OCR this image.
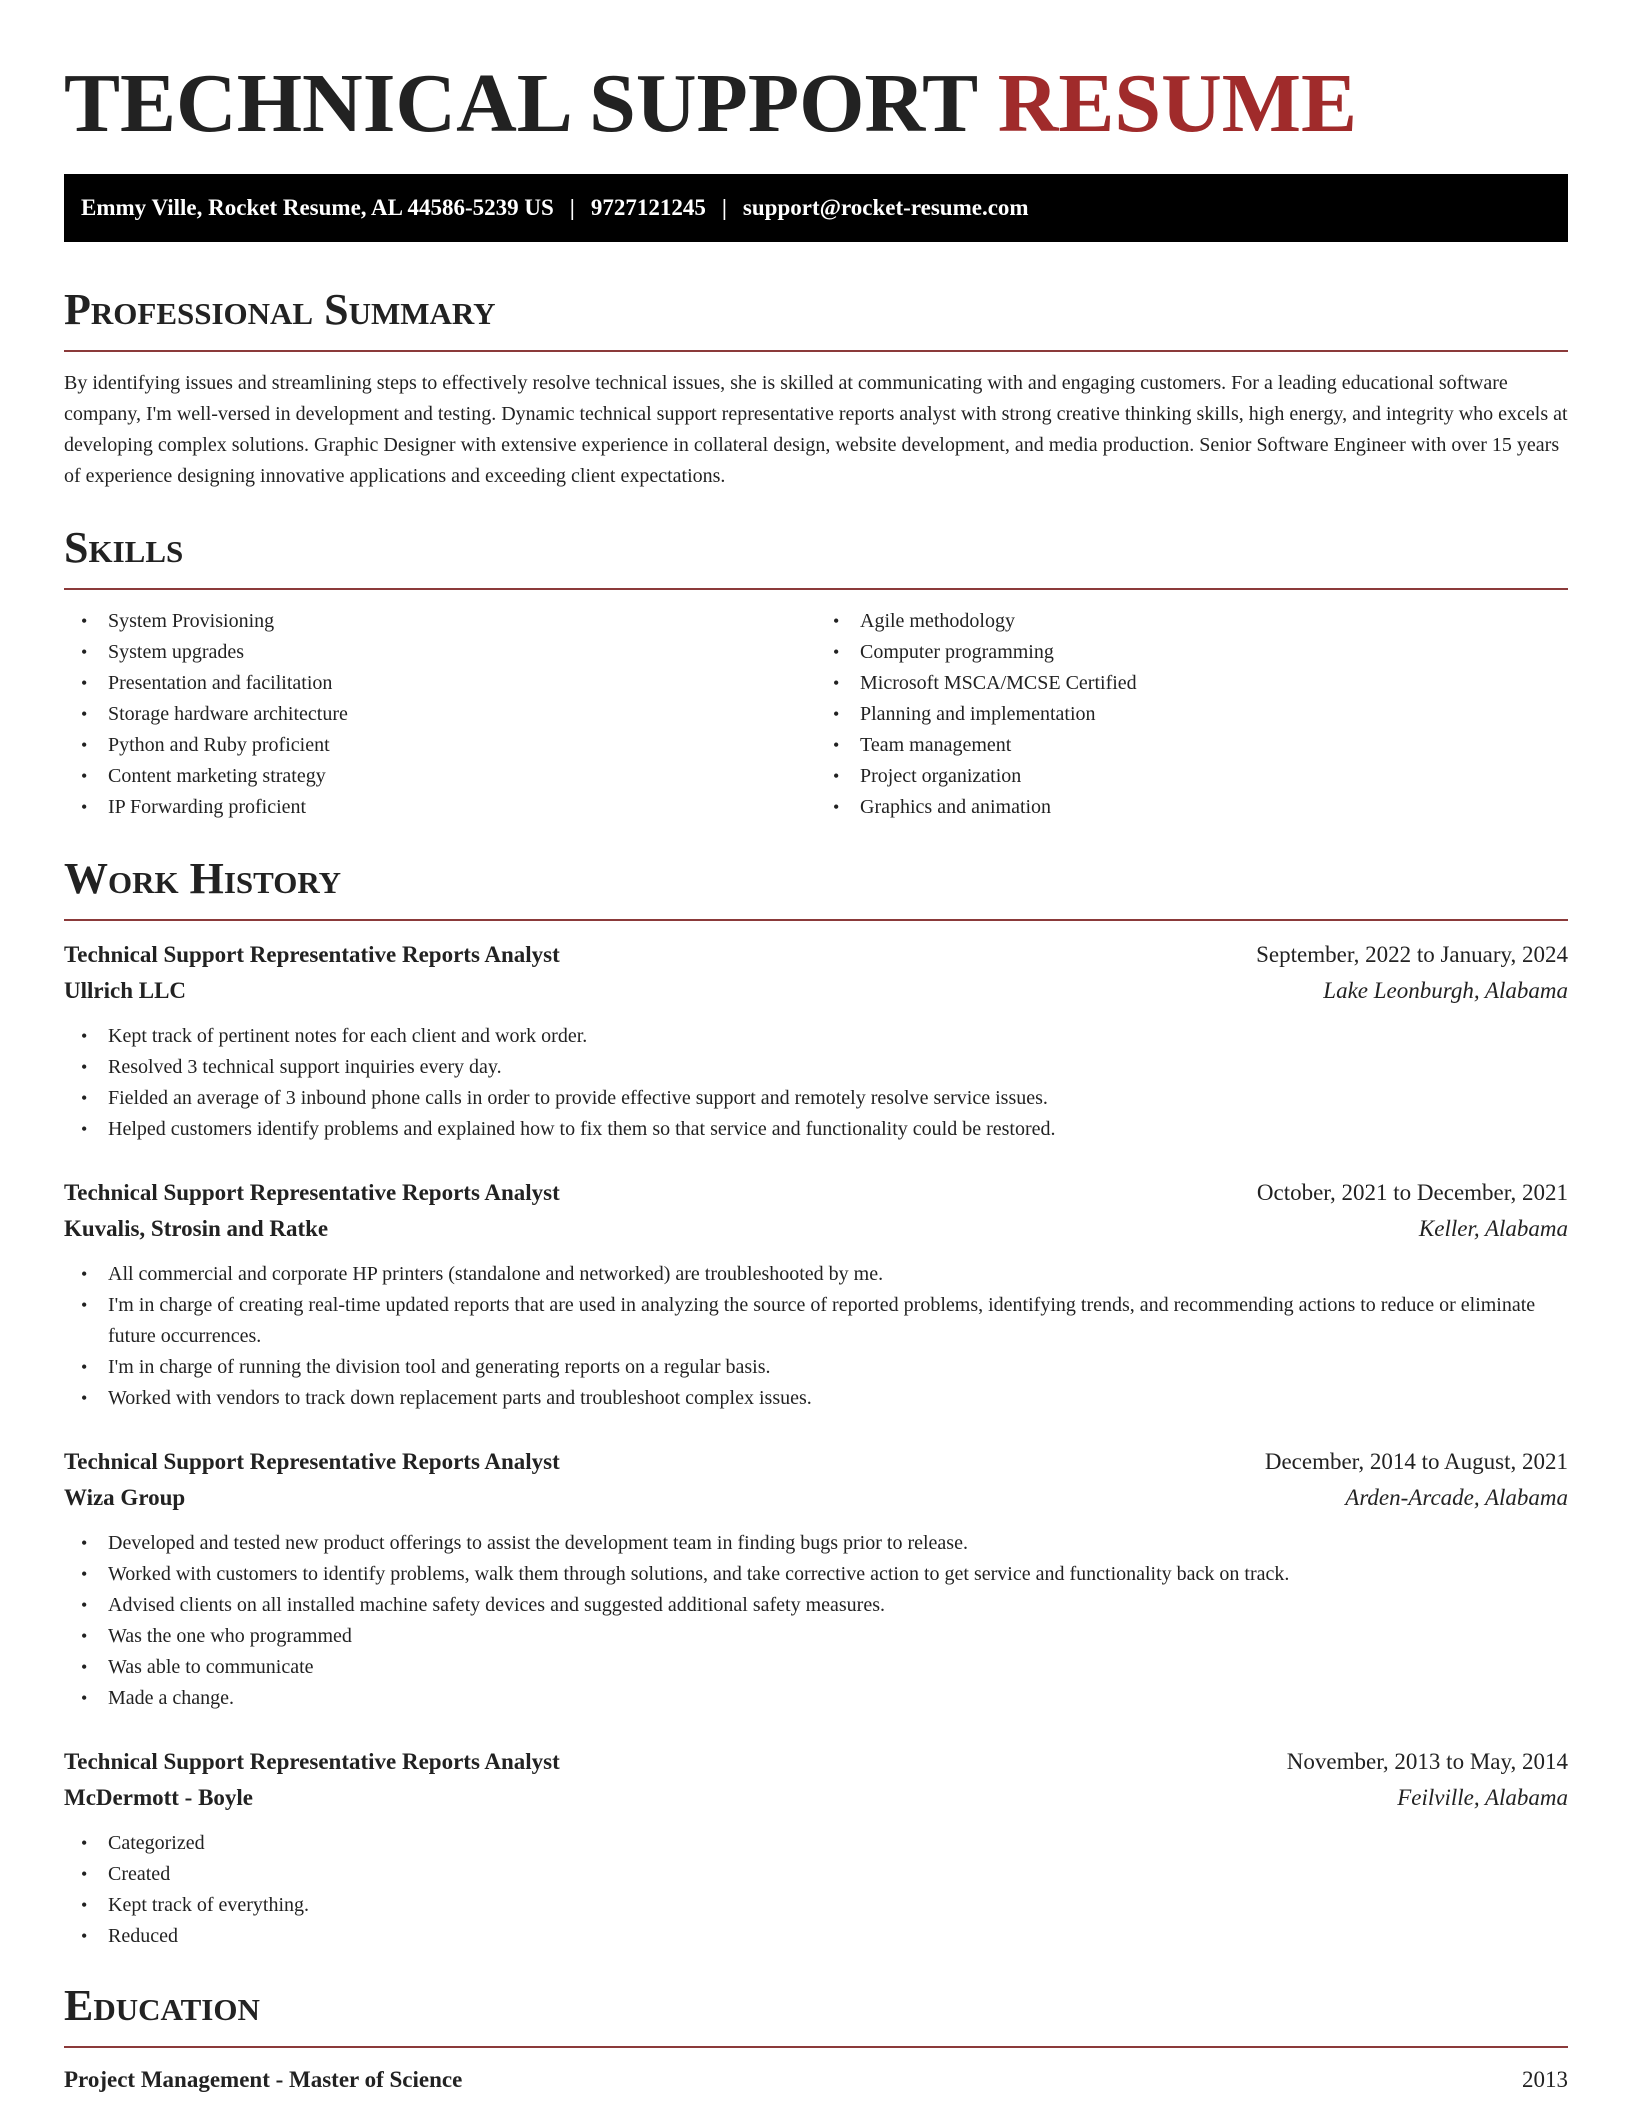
TECHNICAL SUPPORT RESUME
Emmy Ville, Rocket Resume, AL 44586-5239 US | 9727121245 | support@rocket-resume.com
Professional Summary

By identifying issues and streamlining steps to effectively resolve technical issues, she is skilled at communicating with and engaging customers. For a leading educational software company, I'm well-versed in development and testing. Dynamic technical support representative reports analyst with strong creative thinking skills, high energy, and integrity who excels at developing complex solutions. Graphic Designer with extensive experience in collateral design, website development, and media production. Senior Software Engineer with over 15 years of experience designing innovative applications and exceeding client expectations.

Skills
• System Provisioning
• System upgrades
• Presentation and facilitation
• Storage hardware architecture
• Python and Ruby proficient
• Content marketing strategy
• IP Forwarding proficient
• Agile methodology
• Computer programming
• Microsoft MSCA/MCSE Certified
• Planning and implementation
• Team management
• Project organization
• Graphics and animation
Work History
Technical Support Representative Reports Analyst	September, 2022 to January, 2024
Ullrich LLC	Lake Leonburgh, Alabama
• Kept track of pertinent notes for each client and work order.
• Resolved 3 technical support inquiries every day.
• Fielded an average of 3 inbound phone calls in order to provide effective support and remotely resolve service issues.
• Helped customers identify problems and explained how to fix them so that service and functionality could be restored.
Technical Support Representative Reports Analyst	October, 2021 to December, 2021
Kuvalis, Strosin and Ratke	Keller, Alabama
• All commercial and corporate HP printers (standalone and networked) are troubleshooted by me.
• I'm in charge of creating real-time updated reports that are used in analyzing the source of reported problems, identifying trends, and recommending actions to reduce or eliminate future occurrences.
• I'm in charge of running the division tool and generating reports on a regular basis.
• Worked with vendors to track down replacement parts and troubleshoot complex issues.
Technical Support Representative Reports Analyst	December, 2014 to August, 2021
Wiza Group	Arden-Arcade, Alabama
• Developed and tested new product offerings to assist the development team in finding bugs prior to release.
• Worked with customers to identify problems, walk them through solutions, and take corrective action to get service and functionality back on track.
• Advised clients on all installed machine safety devices and suggested additional safety measures.
• Was the one who programmed
• Was able to communicate
• Made a change.
Technical Support Representative Reports Analyst	November, 2013 to May, 2014
McDermott - Boyle	Feilville, Alabama
• Categorized
• Created
• Kept track of everything.
• Reduced
Education
Project Management - Master of Science	2013
